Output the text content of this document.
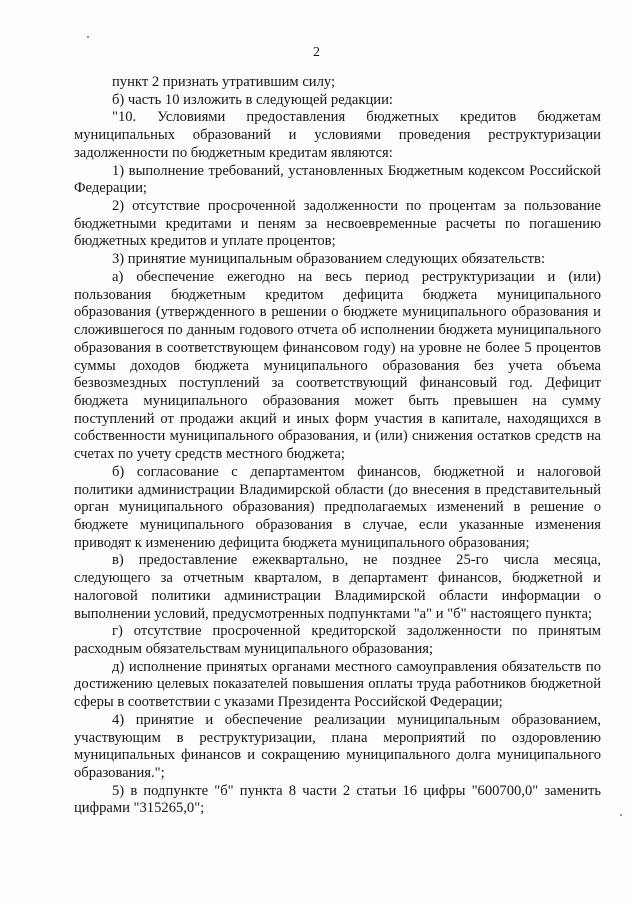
2

пункт 2 признать утратившим силу;

б) часть 10 изложить в следующей редакции:

"10. Условиями предоставления бюджетных кредитов бюджетам муниципальных образований и условиями проведения реструктуризации задолженности по бюджетным кредитам являются:

1) выполнение требований, установленных Бюджетным кодексом Российской Федерации;

2) отсутствие просроченной задолженности по процентам за пользование бюджетными кредитами и пеням за несвоевременные расчеты по погашению бюджетных кредитов и уплате процентов;

3) принятие муниципальным образованием следующих обязательств:

а) обеспечение ежегодно на весь период реструктуризации и (или) пользования бюджетным кредитом дефицита бюджета муниципального образования (утвержденного в решении о бюджете муниципального образования и сложившегося по данным годового отчета об исполнении бюджета муниципального образования в соответствующем финансовом году) на уровне не более 5 процентов суммы доходов бюджета муниципального образования без учета объема безвозмездных поступлений за соответствующий финансовый год. Дефицит бюджета муниципального образования может быть превышен на сумму поступлений от продажи акций и иных форм участия в капитале, находящихся в собственности муниципального образования, и (или) снижения остатков средств на счетах по учету средств местного бюджета;

б) согласование с департаментом финансов, бюджетной и налоговой политики администрации Владимирской области (до внесения в представительный орган муниципального образования) предполагаемых изменений в решение о бюджете муниципального образования в случае, если указанные изменения приводят к изменению дефицита бюджета муниципального образования;

в) предоставление ежеквартально, не позднее 25-го числа месяца, следующего за отчетным кварталом, в департамент финансов, бюджетной и налоговой политики администрации Владимирской области информации о выполнении условий, предусмотренных подпунктами "а" и "б" настоящего пункта;

г) отсутствие просроченной кредиторской задолженности по принятым расходным обязательствам муниципального образования;

д) исполнение принятых органами местного самоуправления обязательств по достижению целевых показателей повышения оплаты труда работников бюджетной сферы в соответствии с указами Президента Российской Федерации;

4) принятие и обеспечение реализации муниципальным образованием, участвующим в реструктуризации, плана мероприятий по оздоровлению муниципальных финансов и сокращению муниципального долга муниципального образования.";

5) в подпункте "б" пункта 8 части 2 статьи 16 цифры "600700,0" заменить цифрами "315265,0";
